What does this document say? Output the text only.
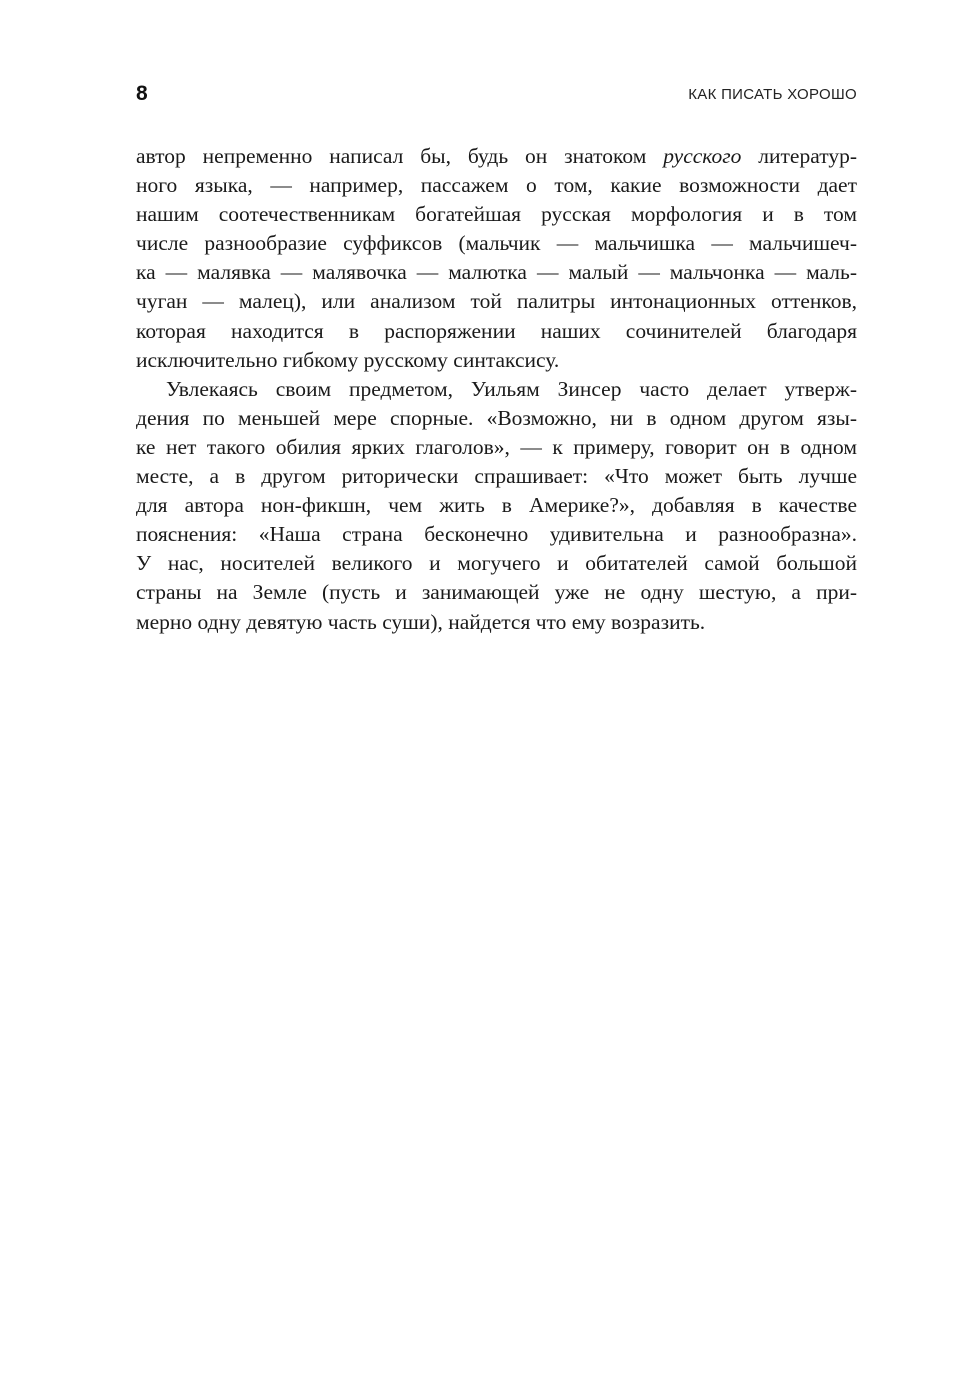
8	КАК ПИСАТЬ ХОРОШО
автор непременно написал бы, будь он знатоком русского литератур-
ного языка, — например, пассажем о том, какие возможности дает
нашим соотечественникам богатейшая русская морфология и в том
числе разнообразие суффиксов (мальчик — мальчишка — мальчишеч-
ка — малявка — малявочка — малютка — малый — мальчонка — маль-
чуган — малец), или анализом той палитры интонационных оттенков,
которая находится в распоряжении наших сочинителей благодаря
исключительно гибкому русскому синтаксису.
Увлекаясь своим предметом, Уильям Зинсер часто делает утверж-
дения по меньшей мере спорные. «Возможно, ни в одном другом язы-
ке нет такого обилия ярких глаголов», — к примеру, говорит он в одном
месте, а в другом риторически спрашивает: «Что может быть лучше
для автора нон-фикшн, чем жить в Америке?», добавляя в качестве
пояснения: «Наша страна бесконечно удивительна и разнообразна».
У нас, носителей великого и могучего и обитателей самой большой
страны на Земле (пусть и занимающей уже не одну шестую, а при-
мерно одну девятую часть суши), найдется что ему возразить.
